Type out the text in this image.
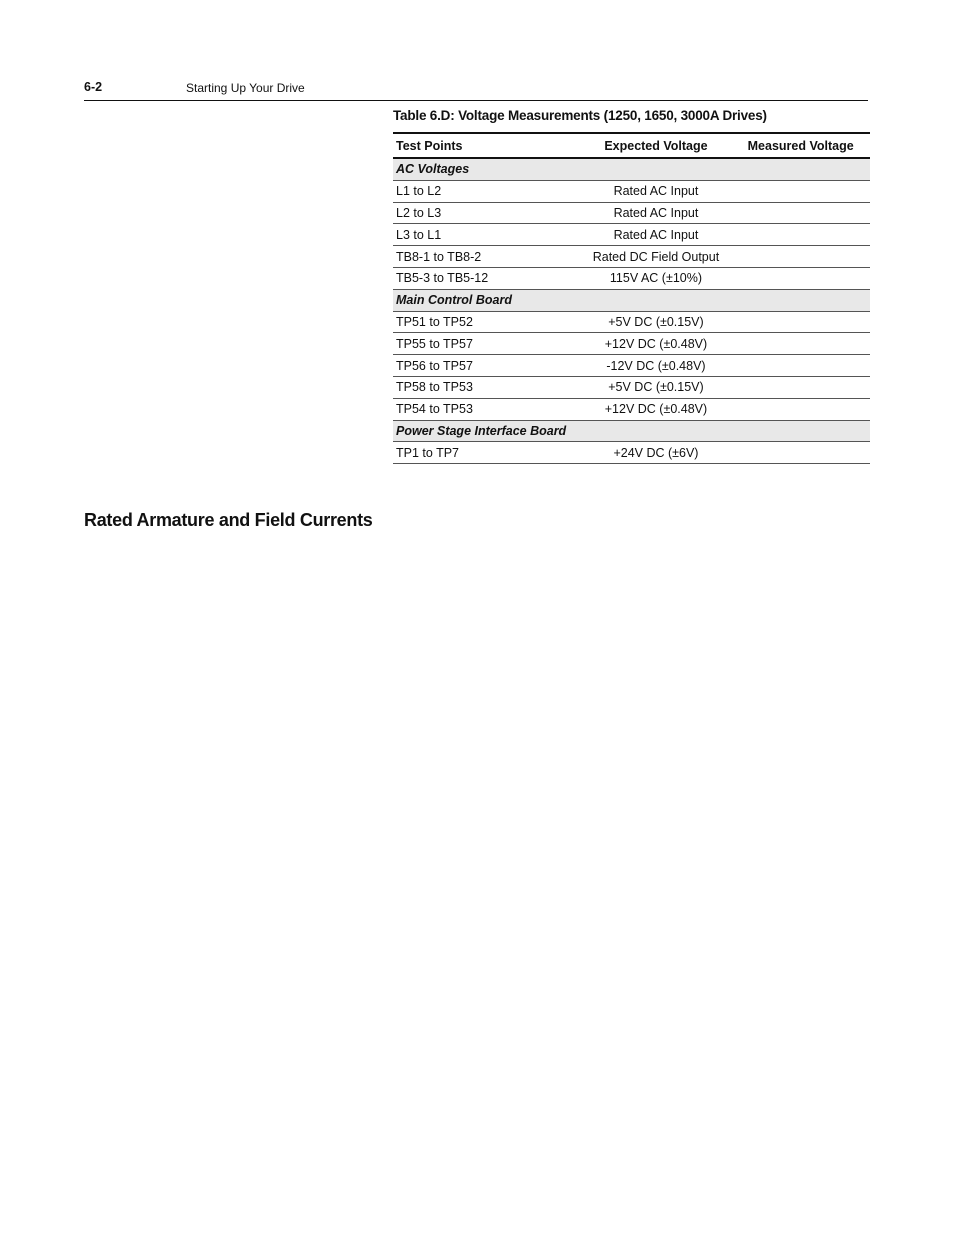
6-2	Starting Up Your Drive
Table 6.D: Voltage Measurements (1250, 1650, 3000A Drives)
Test Points	Expected Voltage	Measured Voltage
AC Voltages		
L1 to L2	Rated AC Input	
L2 to L3	Rated AC Input	
L3 to L1	Rated AC Input	
TB8-1 to TB8-2	Rated DC Field Output	
TB5-3 to TB5-12	115V AC (±10%)	
Main Control Board		
TP51 to TP52	+5V DC (±0.15V)	
TP55 to TP57	+12V DC (±0.48V)	
TP56 to TP57	-12V DC (±0.48V)	
TP58 to TP53	+5V DC (±0.15V)	
TP54 to TP53	+12V DC (±0.48V)	
Power Stage Interface Board		
TP1 to TP7	+24V DC (±6V)	
Rated Armature and Field Currents
